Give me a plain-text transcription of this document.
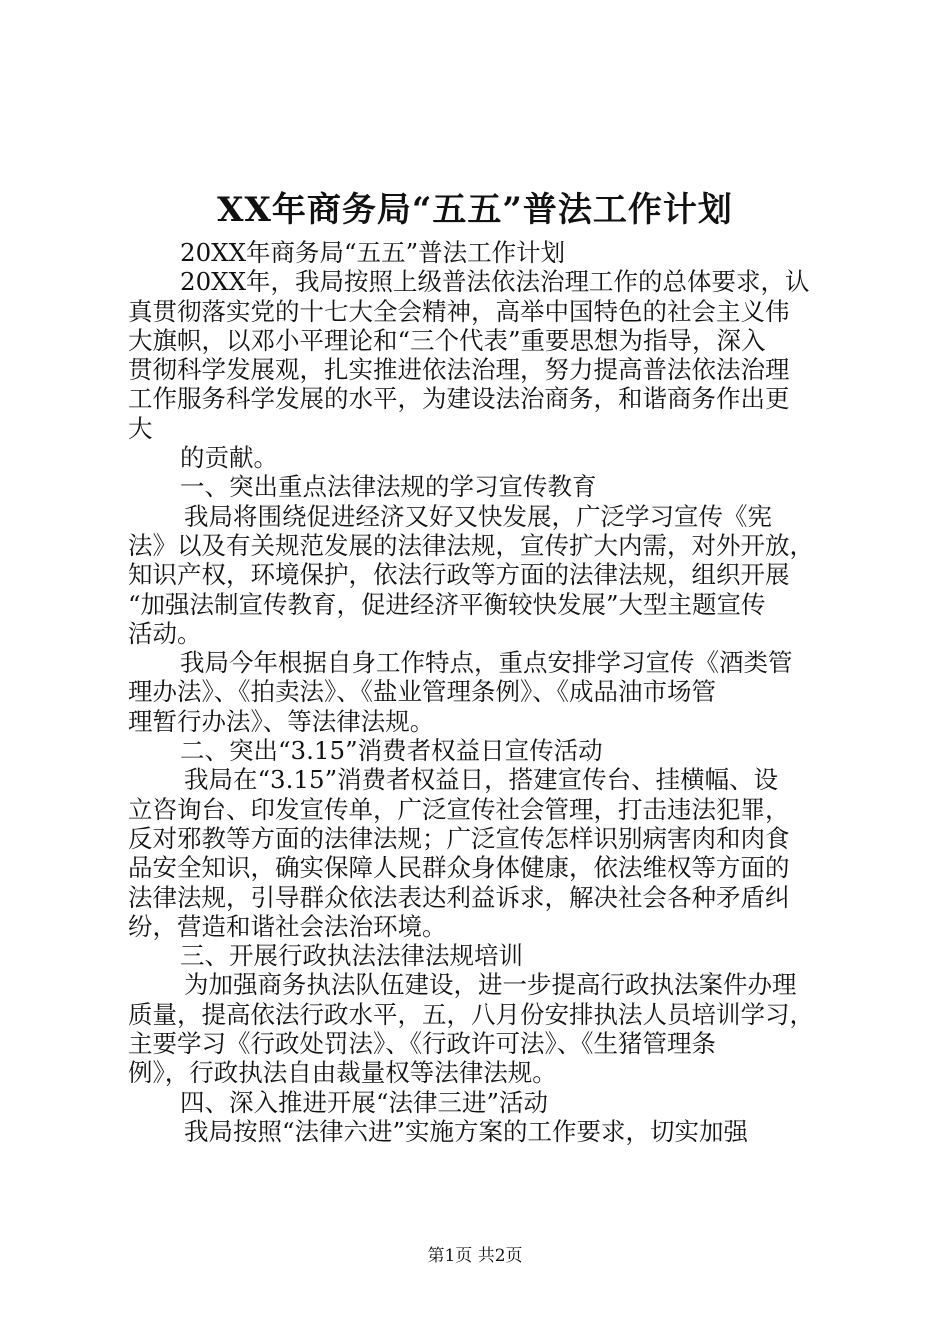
XX年商务局“五五”普法工作计划
20XX年商务局“五五”普法工作计划
20XX年，我局按照上级普法依法治理工作的总体要求，认
真贯彻落实党的十七大全会精神，高举中国特色的社会主义伟
大旗帜，以邓小平理论和“三个代表”重要思想为指导，深入
贯彻科学发展观，扎实推进依法治理，努力提高普法依法治理
工作服务科学发展的水平，为建设法治商务，和谐商务作出更
大
的贡献。
一、突出重点法律法规的学习宣传教育
我局将围绕促进经济又好又快发展，广泛学习宣传《宪
法》以及有关规范发展的法律法规，宣传扩大内需，对外开放，
知识产权，环境保护，依法行政等方面的法律法规，组织开展
“加强法制宣传教育，促进经济平衡较快发展”大型主题宣传
活动。
我局今年根据自身工作特点，重点安排学习宣传《酒类管
理办法》、《拍卖法》、《盐业管理条例》、《成品油市场管
理暂行办法》、等法律法规。
二、突出“3.15”消费者权益日宣传活动
我局在“3.15”消费者权益日，搭建宣传台、挂横幅、设
立咨询台、印发宣传单，广泛宣传社会管理，打击违法犯罪，
反对邪教等方面的法律法规；广泛宣传怎样识别病害肉和肉食
品安全知识，确实保障人民群众身体健康，依法维权等方面的
法律法规，引导群众依法表达利益诉求，解决社会各种矛盾纠
纷，营造和谐社会法治环境。
三、开展行政执法法律法规培训
为加强商务执法队伍建设，进一步提高行政执法案件办理
质量，提高依法行政水平，五，八月份安排执法人员培训学习，
主要学习《行政处罚法》、《行政许可法》、《生猪管理条
例》，行政执法自由裁量权等法律法规。
四、深入推进开展“法律三进”活动
我局按照“法律六进”实施方案的工作要求，切实加强
第1页 共2页
